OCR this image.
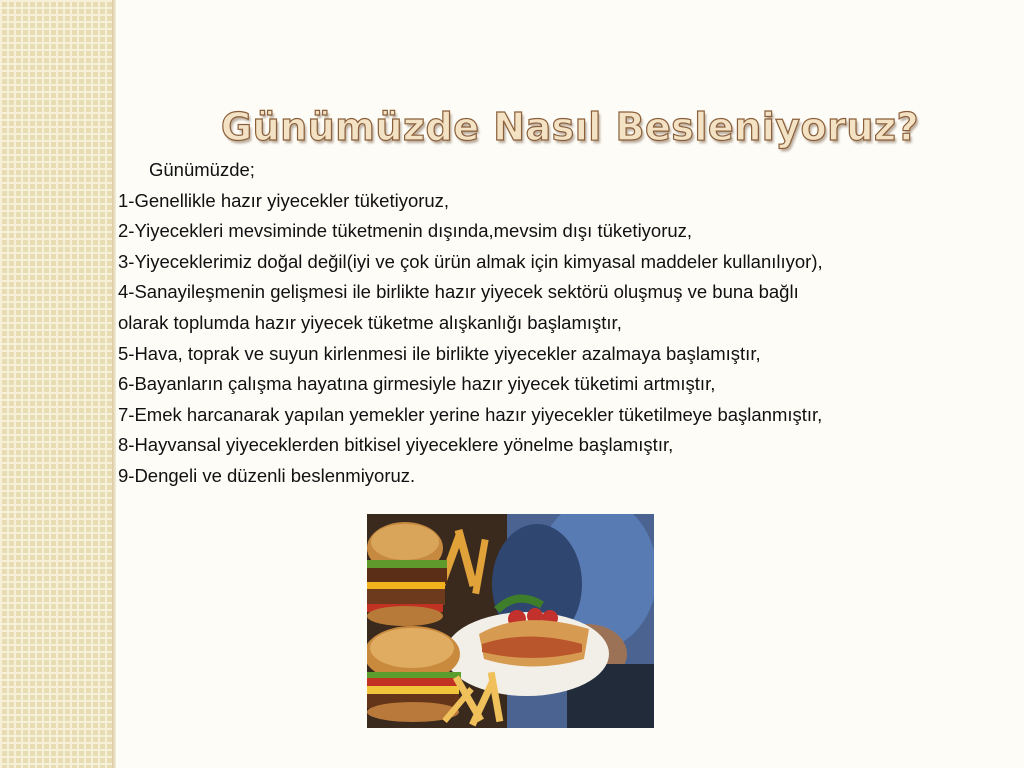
Günümüzde Nasıl Besleniyoruz?
Günümüzde;
1-Genellikle hazır yiyecekler tüketiyoruz,
2-Yiyecekleri mevsiminde tüketmenin dışında,mevsim dışı tüketiyoruz,
3-Yiyeceklerimiz doğal değil(iyi ve çok ürün almak için kimyasal maddeler kullanılıyor),
4-Sanayileşmenin gelişmesi ile birlikte hazır yiyecek sektörü oluşmuş ve buna bağlı
olarak toplumda hazır yiyecek tüketme alışkanlığı başlamıştır,
5-Hava, toprak ve suyun kirlenmesi ile birlikte yiyecekler azalmaya başlamıştır,
6-Bayanların çalışma hayatına girmesiyle hazır yiyecek tüketimi artmıştır,
7-Emek harcanarak yapılan yemekler yerine hazır yiyecekler tüketilmeye başlanmıştır,
8-Hayvansal yiyeceklerden bitkisel yiyeceklere yönelme başlamıştır,
9-Dengeli ve düzenli beslenmiyoruz.
